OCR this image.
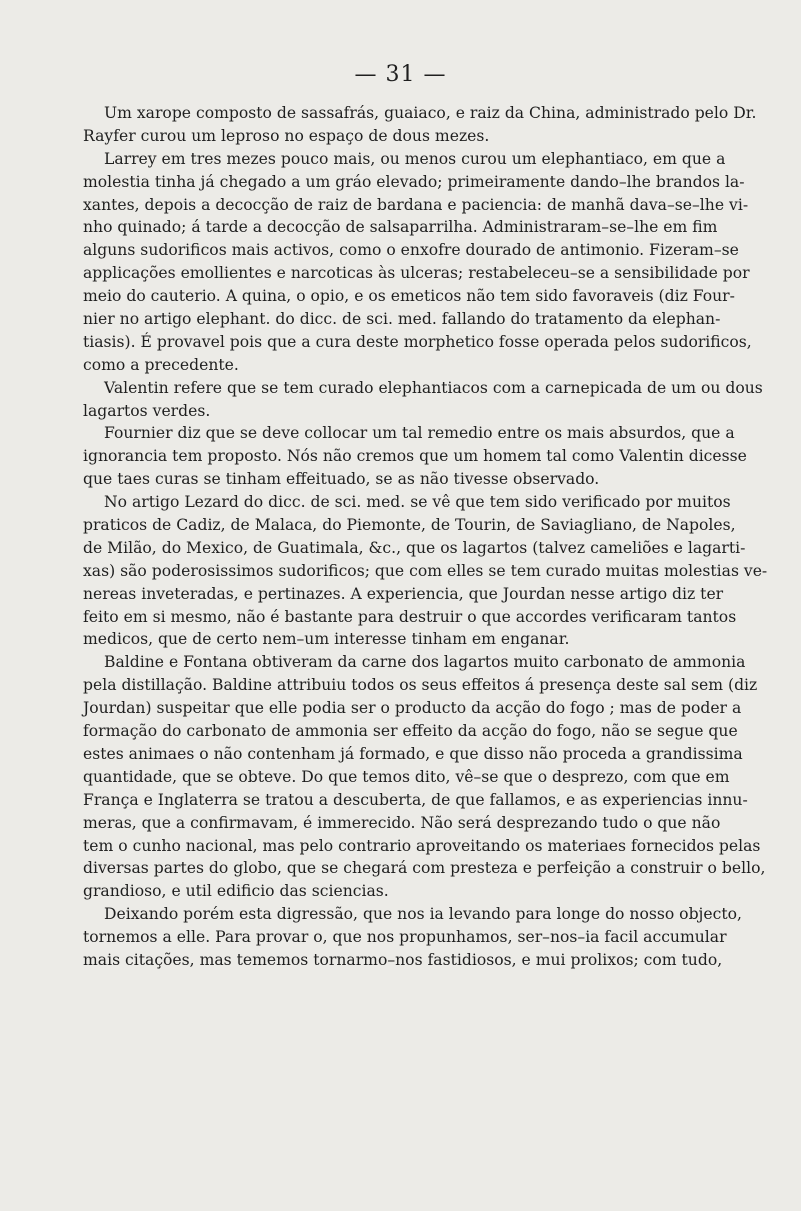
— 31 —
Um xarope composto de sassafrás, guaiaco, e raiz da China, administrado pelo Dr.
Rayfer curou um leproso no espaço de dous mezes.
Larrey em tres mezes pouco mais, ou menos curou um elephantiaco, em que a
molestia tinha já chegado a um gráo elevado; primeiramente dando–lhe brandos la-
xantes, depois a decocção de raiz de bardana e paciencia: de manhã dava–se–lhe vi-
nho quinado; á tarde a decocção de salsaparrilha. Administraram–se–lhe em fim
alguns sudorificos mais activos, como o enxofre dourado de antimonio. Fizeram–se
applicações emollientes e narcoticas às ulceras; restabeleceu–se a sensibilidade por
meio do cauterio. A quina, o opio, e os emeticos não tem sido favoraveis (diz Four-
nier no artigo elephant. do dicc. de sci. med. fallando do tratamento da elephan-
tiasis). É provavel pois que a cura deste morphetico fosse operada pelos sudorificos,
como a precedente.
Valentin refere que se tem curado elephantiacos com a carnepicada de um ou dous
lagartos verdes.
Fournier diz que se deve collocar um tal remedio entre os mais absurdos, que a
ignorancia tem proposto. Nós não cremos que um homem tal como Valentin dicesse
que taes curas se tinham effeituado, se as não tivesse observado.
No artigo Lezard do dicc. de sci. med. se vê que tem sido verificado por muitos
praticos de Cadiz, de Malaca, do Piemonte, de Tourin, de Saviagliano, de Napoles,
de Milão, do Mexico, de Guatimala, &c., que os lagartos (talvez cameliões e lagarti-
xas) são poderosissimos sudorificos; que com elles se tem curado muitas molestias ve-
nereas inveteradas, e pertinazes. A experiencia, que Jourdan nesse artigo diz ter
feito em si mesmo, não é bastante para destruir o que accordes verificaram tantos
medicos, que de certo nem–um interesse tinham em enganar.
Baldine e Fontana obtiveram da carne dos lagartos muito carbonato de ammonia
pela distillação. Baldine attribuiu todos os seus effeitos á presença deste sal sem (diz
Jourdan) suspeitar que elle podia ser o producto da acção do fogo ; mas de poder a
formação do carbonato de ammonia ser effeito da acção do fogo, não se segue que
estes animaes o não contenham já formado, e que disso não proceda a grandissima
quantidade, que se obteve. Do que temos dito, vê–se que o desprezo, com que em
França e Inglaterra se tratou a descuberta, de que fallamos, e as experiencias innu-
meras, que a confirmavam, é immerecido. Não será desprezando tudo o que não
tem o cunho nacional, mas pelo contrario aproveitando os materiaes fornecidos pelas
diversas partes do globo, que se chegará com presteza e perfeição a construir o bello,
grandioso, e util edificio das sciencias.
Deixando porém esta digressão, que nos ia levando para longe do nosso objecto,
tornemos a elle. Para provar o, que nos propunhamos, ser–nos–ia facil accumular
mais citações, mas tememos tornarmo–nos fastidiosos, e mui prolixos; com tudo,
